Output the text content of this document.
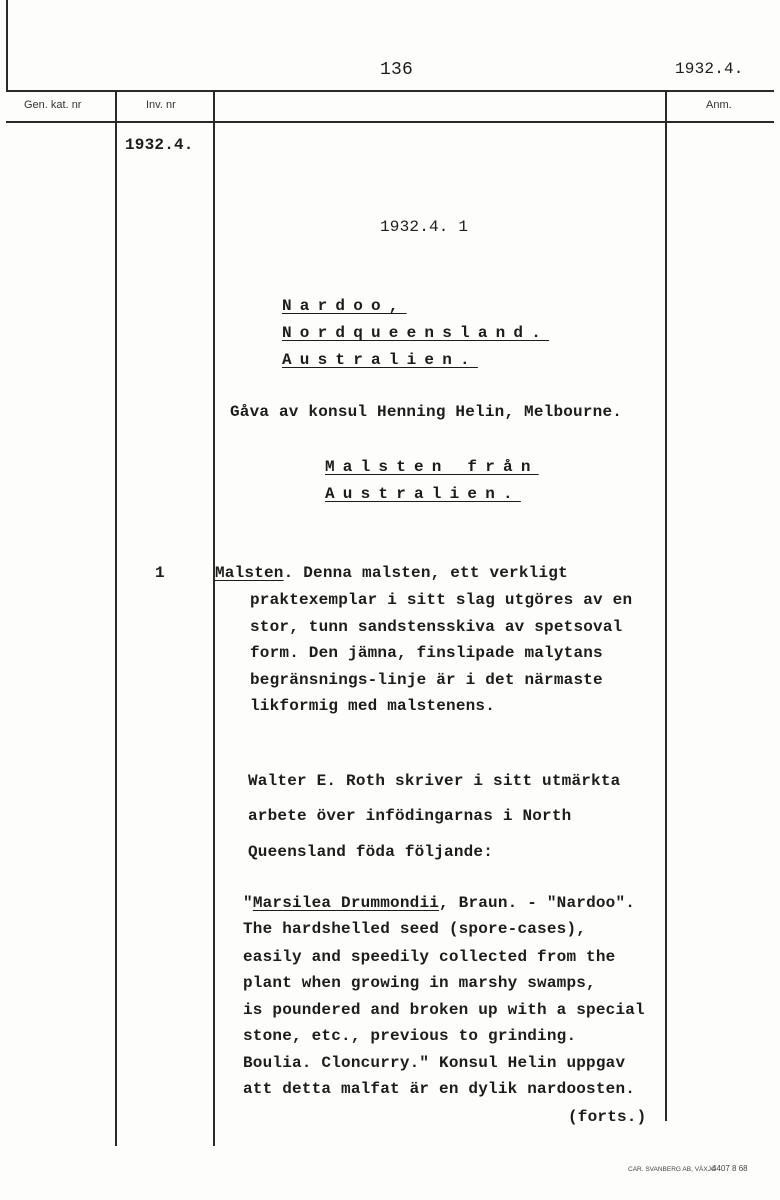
136	1932.4.
Gen. kat. nr	Inv. nr	Anm.
1932.4.
1932.4. 1
Nardoo,
Nordqueensland.
Australien.
Gåva av konsul Henning Helin, Melbourne.
Malsten från
Australien.
1	Malsten. Denna malsten, ett verkligt
praktexemplar i sitt slag utgöres av en
stor, tunn sandstensskiva av spetsoval
form. Den jämna, finslipade malytans
begränsnings-linje är i det närmaste
likformig med malstenens.
Walter E. Roth skriver i sitt utmärkta
arbete över infödingarnas i North
Queensland föda följande:
"Marsilea Drummondii, Braun. - "Nardoo".
The hardshelled seed (spore-cases),
easily and speedily collected from the
plant when growing in marshy swamps,
is poundered and broken up with a special
stone, etc., previous to grinding.
Boulia. Cloncurry." Konsul Helin uppgav
att detta malfat är en dylik nardoosten.
(forts.)
CAR. SVANBERG AB, VÄXJÖ
4407 8 68
